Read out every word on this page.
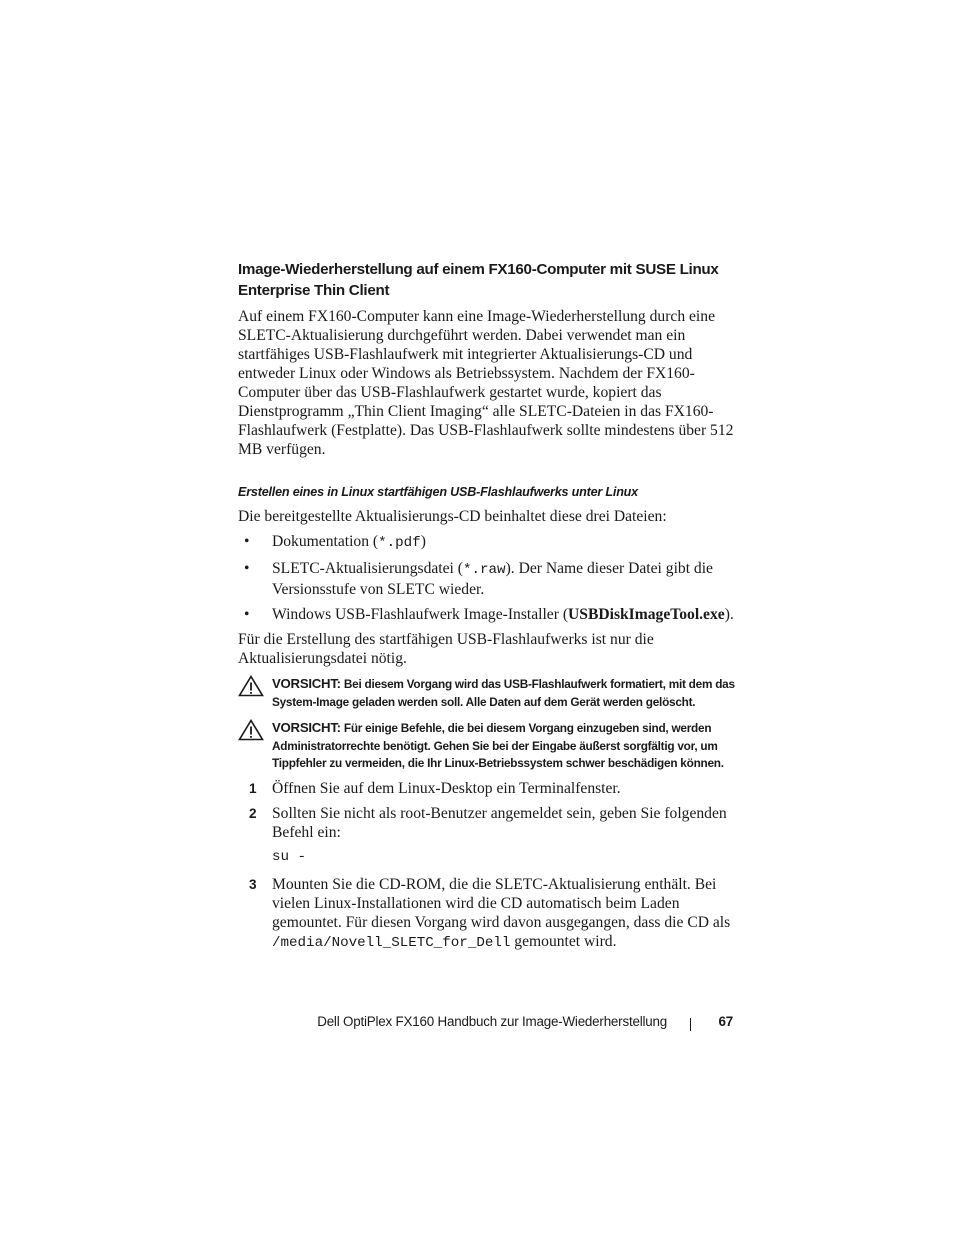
Image-Wiederherstellung auf einem FX160-Computer mit SUSE Linux Enterprise Thin Client

Auf einem FX160-Computer kann eine Image-Wiederherstellung durch eine SLETC-Aktualisierung durchgeführt werden. Dabei verwendet man ein startfähiges USB-Flashlaufwerk mit integrierter Aktualisierungs-CD und entweder Linux oder Windows als Betriebssystem. Nachdem der FX160-Computer über das USB-Flashlaufwerk gestartet wurde, kopiert das Dienstprogramm „Thin Client Imaging“ alle SLETC-Dateien in das FX160-Flashlaufwerk (Festplatte). Das USB-Flashlaufwerk sollte mindestens über 512 MB verfügen.

Erstellen eines in Linux startfähigen USB-Flashlaufwerks unter Linux

Die bereitgestellte Aktualisierungs-CD beinhaltet diese drei Dateien:

• Dokumentation (*.pdf)
• SLETC-Aktualisierungsdatei (*.raw). Der Name dieser Datei gibt die Versionsstufe von SLETC wieder.
• Windows USB-Flashlaufwerk Image-Installer (USBDiskImageTool.exe).

Für die Erstellung des startfähigen USB-Flashlaufwerks ist nur die Aktualisierungsdatei nötig.

VORSICHT: Bei diesem Vorgang wird das USB-Flashlaufwerk formatiert, mit dem das System-Image geladen werden soll. Alle Daten auf dem Gerät werden gelöscht.
VORSICHT: Für einige Befehle, die bei diesem Vorgang einzugeben sind, werden Administratorrechte benötigt. Gehen Sie bei der Eingabe äußerst sorgfältig vor, um Tippfehler zu vermeiden, die Ihr Linux-Betriebssystem schwer beschädigen können.
1 Öffnen Sie auf dem Linux-Desktop ein Terminalfenster.
2 Sollten Sie nicht als root-Benutzer angemeldet sein, geben Sie folgenden Befehl ein:
su -
3 Mounten Sie die CD-ROM, die die SLETC-Aktualisierung enthält. Bei vielen Linux-Installationen wird die CD automatisch beim Laden gemountet. Für diesen Vorgang wird davon ausgegangen, dass die CD als /media/Novell_SLETC_for_Dell gemountet wird.
Dell OptiPlex FX160 Handbuch zur Image-Wiederherstellung	67
